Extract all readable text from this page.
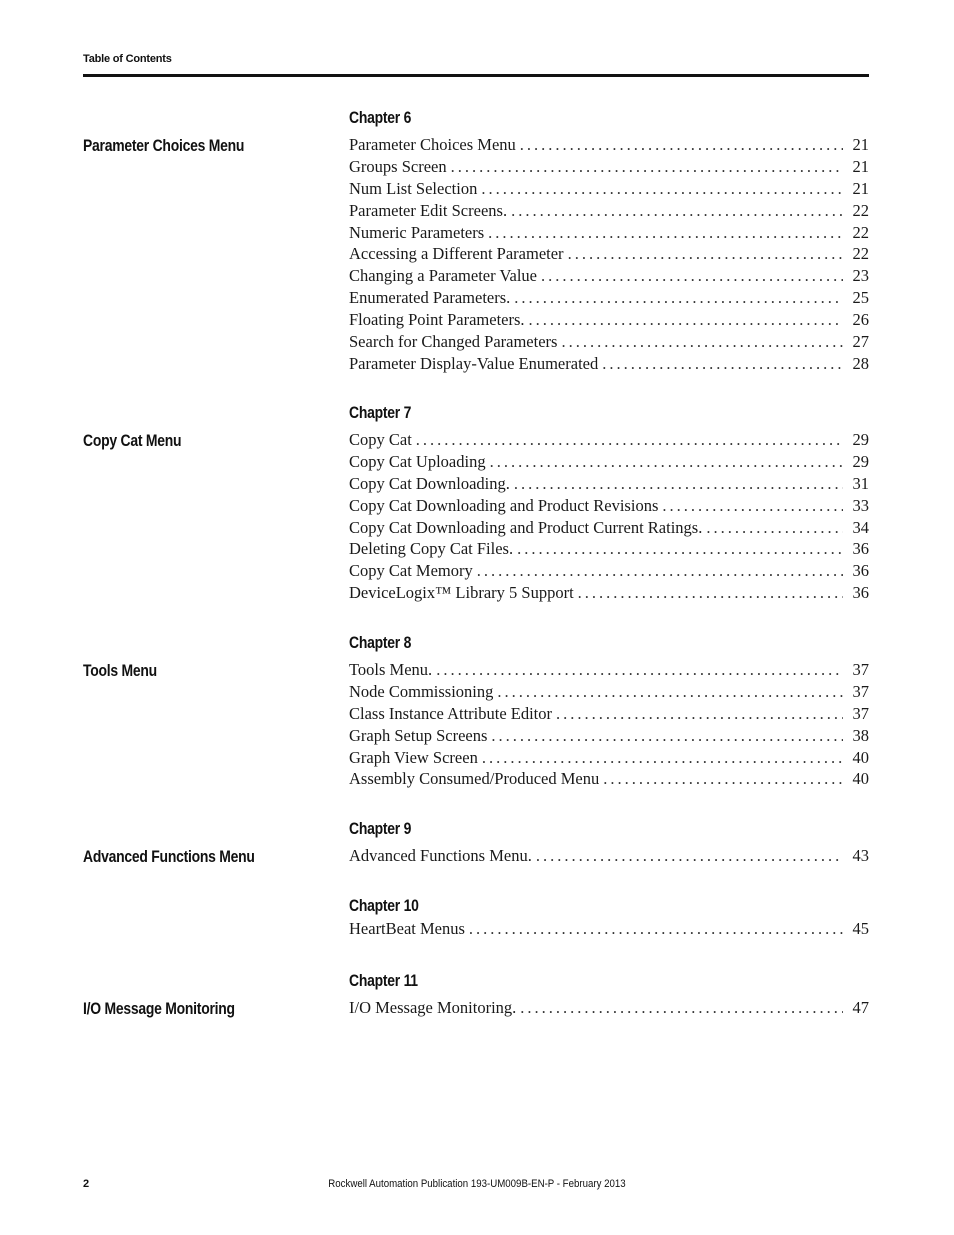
Table of Contents
Chapter 6
Parameter Choices Menu	Parameter Choices Menu .....	21
Groups Screen .....	21
Num List Selection .....	21
Parameter Edit Screens. .....	22
Numeric Parameters .....	22
Accessing a Different Parameter .....	22
Changing a Parameter Value .....	23
Enumerated Parameters. .....	25
Floating Point Parameters. .....	26
Search for Changed Parameters .....	27
Parameter Display-Value Enumerated .....	28
Chapter 7
Copy Cat Menu	Copy Cat .....	29
Copy Cat Uploading .....	29
Copy Cat Downloading. .....	31
Copy Cat Downloading and Product Revisions .....	33
Copy Cat Downloading and Product Current Ratings. .....	34
Deleting Copy Cat Files. .....	36
Copy Cat Memory .....	36
DeviceLogix™ Library 5 Support .....	36
Chapter 8
Tools Menu	Tools Menu. .....	37
Node Commissioning .....	37
Class Instance Attribute Editor .....	37
Graph Setup Screens .....	38
Graph View Screen .....	40
Assembly Consumed/Produced Menu .....	40
Chapter 9
Advanced Functions Menu	Advanced Functions Menu. .....	43
Chapter 10
HeartBeat Menus .....	45
Chapter 11
I/O Message Monitoring	I/O Message Monitoring. .....	47
2	Rockwell Automation Publication 193-UM009B-EN-P - February 2013
